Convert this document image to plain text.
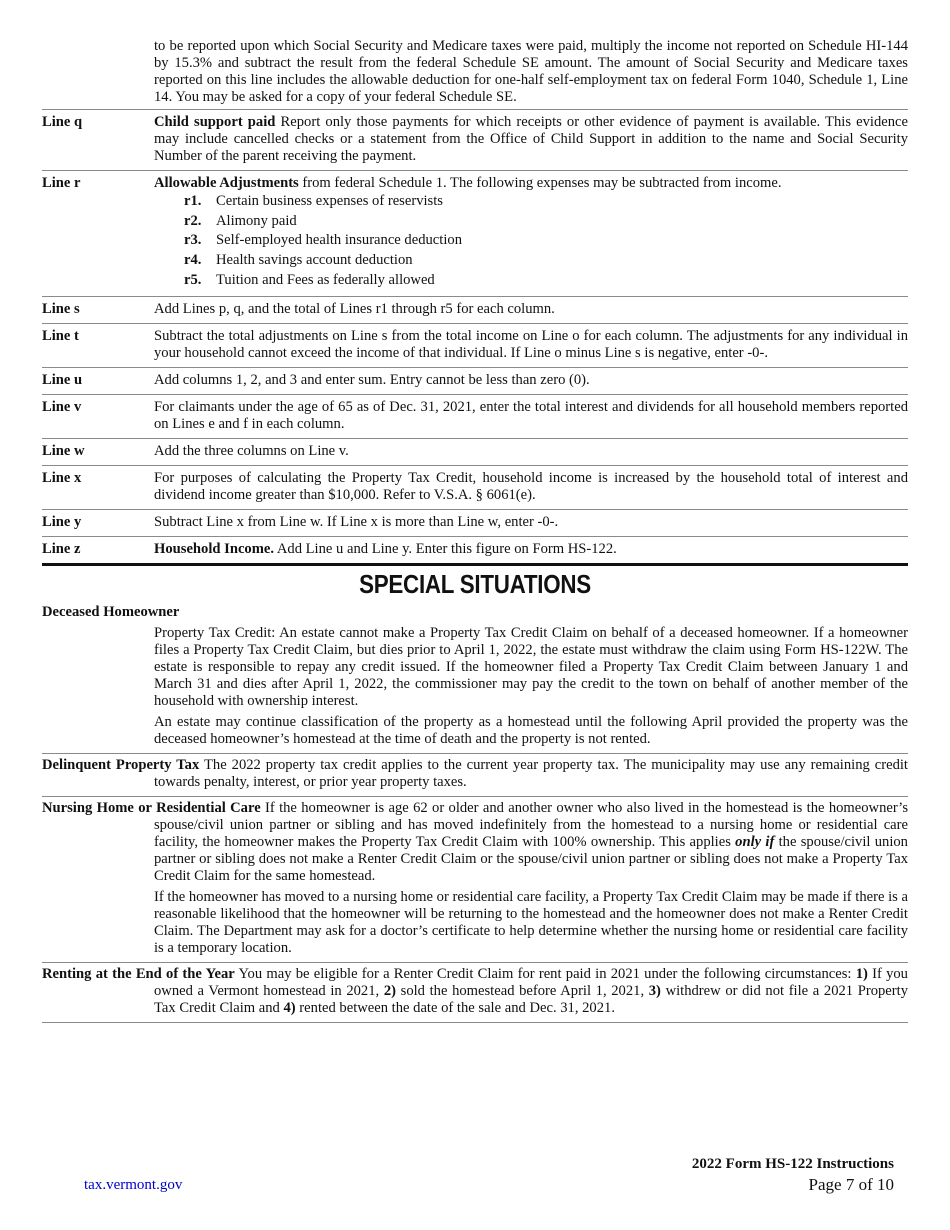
to be reported upon which Social Security and Medicare taxes were paid, multiply the income not reported on Schedule HI-144 by 15.3% and subtract the result from the federal Schedule SE amount. The amount of Social Security and Medicare taxes reported on this line includes the allowable deduction for one-half self-employment tax on federal Form 1040, Schedule 1, Line 14. You may be asked for a copy of your federal Schedule SE.
Line q	Child support paid Report only those payments for which receipts or other evidence of payment is available. This evidence may include cancelled checks or a statement from the Office of Child Support in addition to the name and Social Security Number of the parent receiving the payment.
Line r	Allowable Adjustments from federal Schedule 1. The following expenses may be subtracted from income.
r1. Certain business expenses of reservists
r2. Alimony paid
r3. Self-employed health insurance deduction
r4. Health savings account deduction
r5. Tuition and Fees as federally allowed
Line s	Add Lines p, q, and the total of Lines r1 through r5 for each column.
Line t	Subtract the total adjustments on Line s from the total income on Line o for each column. The adjustments for any individual in your household cannot exceed the income of that individual. If Line o minus Line s is negative, enter -0-.
Line u	Add columns 1, 2, and 3 and enter sum. Entry cannot be less than zero (0).
Line v	For claimants under the age of 65 as of Dec. 31, 2021, enter the total interest and dividends for all household members reported on Lines e and f in each column.
Line w	Add the three columns on Line v.
Line x	For purposes of calculating the Property Tax Credit, household income is increased by the household total of interest and dividend income greater than $10,000. Refer to V.S.A. § 6061(e).
Line y	Subtract Line x from Line w. If Line x is more than Line w, enter -0-.
Line z	Household Income. Add Line u and Line y. Enter this figure on Form HS-122.
SPECIAL SITUATIONS
Deceased Homeowner
Property Tax Credit: An estate cannot make a Property Tax Credit Claim on behalf of a deceased homeowner. If a homeowner files a Property Tax Credit Claim, but dies prior to April 1, 2022, the estate must withdraw the claim using Form HS-122W. The estate is responsible to repay any credit issued. If the homeowner filed a Property Tax Credit Claim between January 1 and March 31 and dies after April 1, 2022, the commissioner may pay the credit to the town on behalf of another member of the household with ownership interest.
An estate may continue classification of the property as a homestead until the following April provided the property was the deceased homeowner’s homestead at the time of death and the property is not rented.
Delinquent Property Tax The 2022 property tax credit applies to the current year property tax. The municipality may use any remaining credit towards penalty, interest, or prior year property taxes.
Nursing Home or Residential Care If the homeowner is age 62 or older and another owner who also lived in the homestead is the homeowner’s spouse/civil union partner or sibling and has moved indefinitely from the homestead to a nursing home or residential care facility, the homeowner makes the Property Tax Credit Claim with 100% ownership. This applies only if the spouse/civil union partner or sibling does not make a Renter Credit Claim or the spouse/civil union partner or sibling does not make a Property Tax Credit Claim for the same homestead.
If the homeowner has moved to a nursing home or residential care facility, a Property Tax Credit Claim may be made if there is a reasonable likelihood that the homeowner will be returning to the homestead and the homeowner does not make a Renter Credit Claim. The Department may ask for a doctor’s certificate to help determine whether the nursing home or residential care facility is a temporary location.
Renting at the End of the Year You may be eligible for a Renter Credit Claim for rent paid in 2021 under the following circumstances: 1) If you owned a Vermont homestead in 2021, 2) sold the homestead before April 1, 2021, 3) withdrew or did not file a 2021 Property Tax Credit Claim and 4) rented between the date of the sale and Dec. 31, 2021.
2022 Form HS-122 Instructions
Page 7 of 10
tax.vermont.gov
